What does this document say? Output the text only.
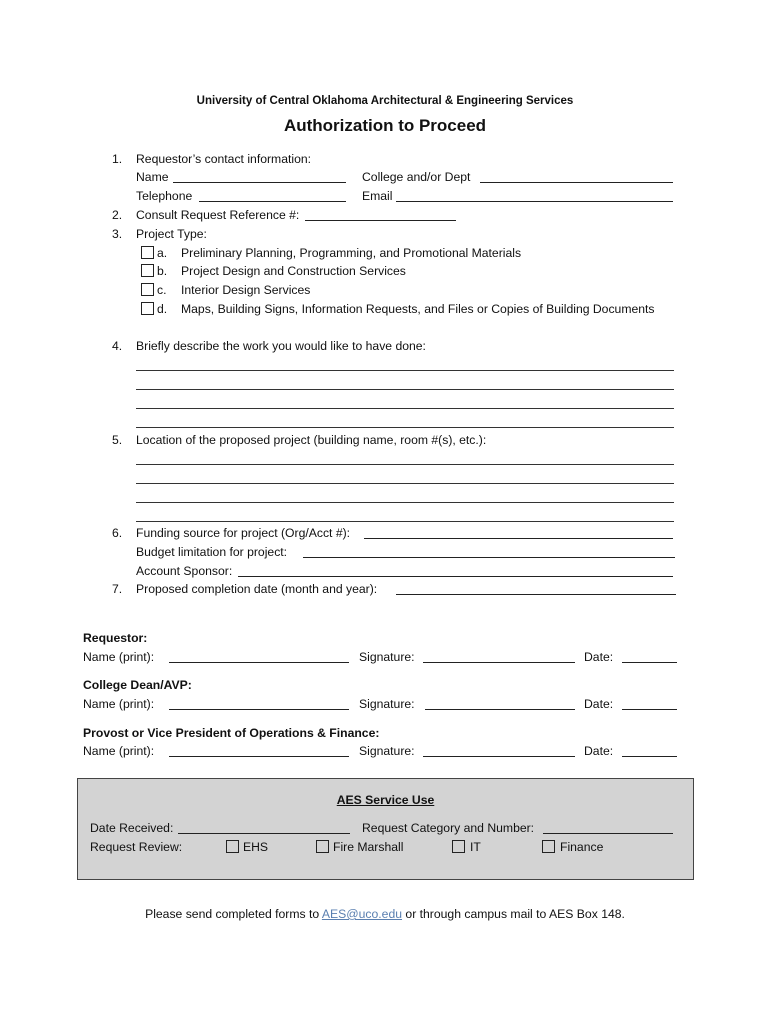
University of Central Oklahoma Architectural & Engineering Services
Authorization to Proceed
1. Requestor’s contact information:
Name	College and/or Dept
Telephone	Email
2. Consult Request Reference #:
3. Project Type:
a. Preliminary Planning, Programming, and Promotional Materials
b. Project Design and Construction Services
c. Interior Design Services
d. Maps, Building Signs, Information Requests, and Files or Copies of Building Documents
4. Briefly describe the work you would like to have done:
5. Location of the proposed project (building name, room #(s), etc.):
6. Funding source for project (Org/Acct #):
Budget limitation for project:
Account Sponsor:
7. Proposed completion date (month and year):
Requestor:
Name (print):	Signature:	Date:
College Dean/AVP:
Name (print):	Signature:	Date:
Provost or Vice President of Operations & Finance:
Name (print):	Signature:	Date:
AES Service Use
Date Received:	Request Category and Number:
Request Review:	EHS	Fire Marshall	IT	Finance
Please send completed forms to AES@uco.edu or through campus mail to AES Box 148.
